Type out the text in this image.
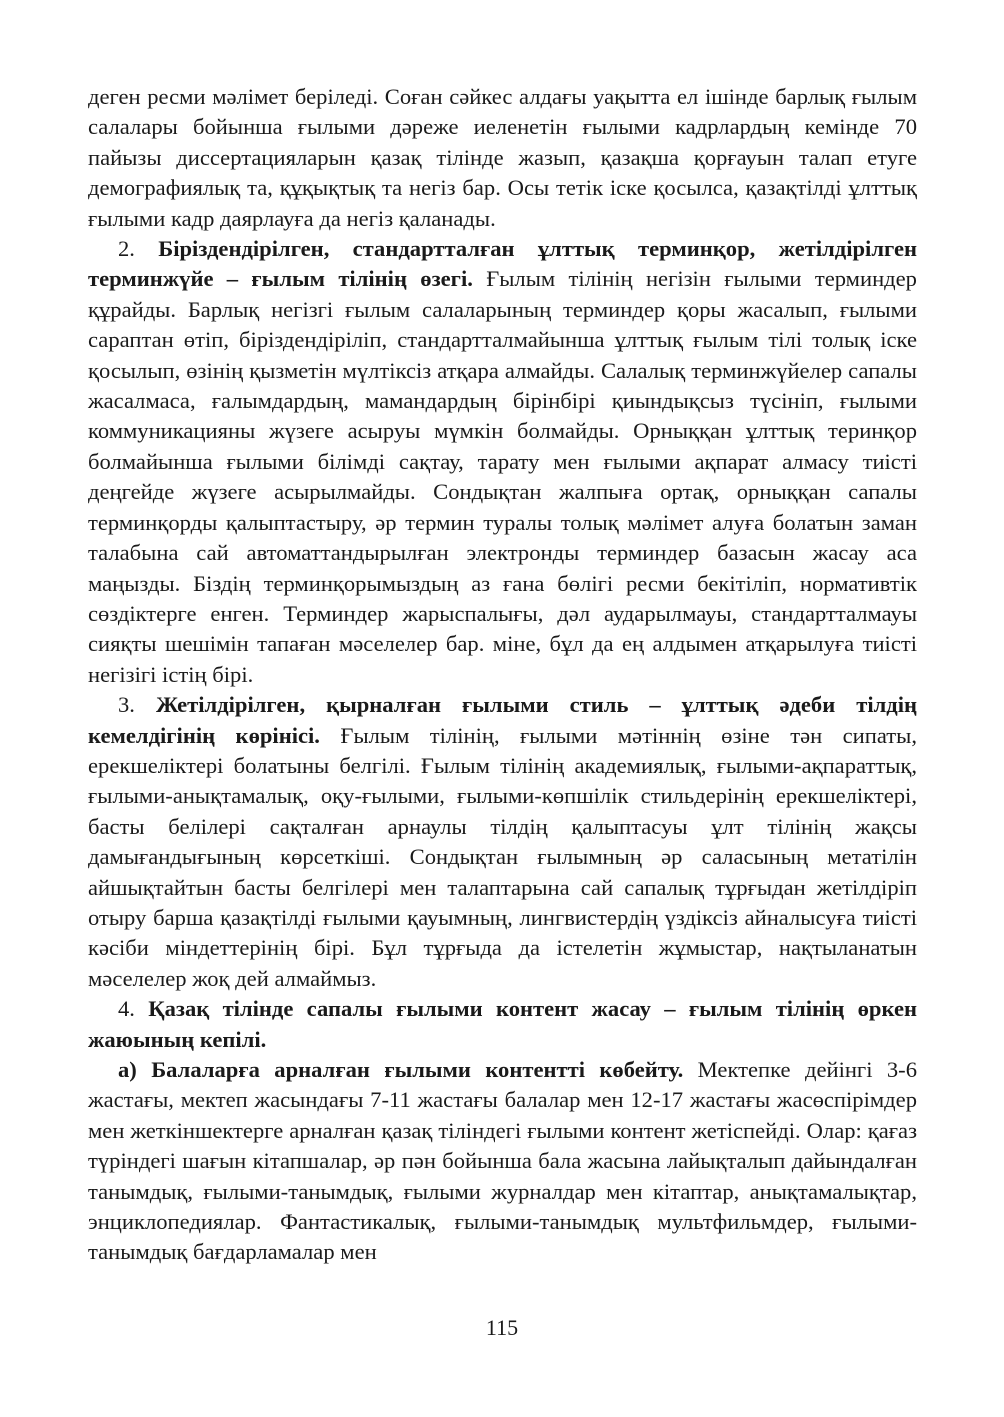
деген ресми мәлімет беріледі. Соған сәйкес алдағы уақытта ел ішінде барлық ғылым салалары бойынша ғылыми дәреже иеленетін ғылыми кадрлардың кемінде 70 пайызы диссертацияларын қазақ тілінде жазып, қазақша қорғауын талап етуге демографиялық та, құқықтық та негіз бар. Осы тетік іске қосылса, қазақтілді ұлттық ғылыми кадр даярлауға да негіз қаланады.

2. Біріздендірілген, стандартталған ұлттық терминқор, жетілдірілген терминжүйе – ғылым тілінің өзегі. Ғылым тілінің негізін ғылыми терминдер құрайды. Барлық негізгі ғылым салаларының терминдер қоры жасалып, ғылыми сараптан өтіп, біріздендіріліп, стандартталмайынша ұлттық ғылым тілі толық іске қосылып, өзінің қызметін мүлтіксіз атқара алмайды. Салалық терминжүйелер сапалы жасалмаса, ғалымдардың, мамандардың бірінбірі қиындықсыз түсініп, ғылыми коммуникацияны жүзеге асыруы мүмкін болмайды. Орныққан ұлттық теринқор болмайынша ғылыми білімді сақтау, тарату мен ғылыми ақпарат алмасу тиісті деңгейде жүзеге асырылмайды. Сондықтан жалпыға ортақ, орныққан сапалы терминқорды қалыптастыру, әр термин туралы толық мәлімет алуға болатын заман талабына сай автоматтандырылған электронды терминдер базасын жасау аса маңызды. Біздің терминқорымыздың аз ғана бөлігі ресми бекітіліп, нормативтік сөздіктерге енген. Терминдер жарыспалығы, дәл аударылмауы, стандартталмауы сияқты шешімін тапаған мәселелер бар. міне, бұл да ең алдымен атқарылуға тиісті негізігі істің бірі.

3. Жетілдірілген, қырналған ғылыми стиль – ұлттық әдеби тілдің кемелдігінің көрінісі. Ғылым тілінің, ғылыми мәтіннің өзіне тән сипаты, ерекшеліктері болатыны белгілі. Ғылым тілінің академиялық, ғылыми-ақпараттық, ғылыми-анықтамалық, оқу-ғылыми, ғылыми-көпшілік стильдерінің ерекшеліктері, басты белілері сақталған арнаулы тілдің қалыптасуы ұлт тілінің жақсы дамығандығының көрсеткіші. Сондықтан ғылымның әр саласының метатілін айшықтайтын басты белгілері мен талаптарына сай сапалық тұрғыдан жетілдіріп отыру барша қазақтілді ғылыми қауымның, лингвистердің үздіксіз айналысуға тиісті кәсіби міндеттерінің бірі. Бұл тұрғыда да істелетін жұмыстар, нақтыланатын мәселелер жоқ дей алмаймыз.

4. Қазақ тілінде сапалы ғылыми контент жасау – ғылым тілінің өркен жаюының кепілі.

а) Балаларға арналған ғылыми контентті көбейту. Мектепке дейінгі 3-6 жастағы, мектеп жасындағы 7-11 жастағы балалар мен 12-17 жастағы жасөспірімдер мен жеткіншектерге арналған қазақ тіліндегі ғылыми контент жетіспейді. Олар: қағаз түріндегі шағын кітапшалар, әр пән бойынша бала жасына лайықталып дайындалған танымдық, ғылыми-танымдық, ғылыми журналдар мен кітаптар, анықтамалықтар, энциклопедиялар. Фантастикалық, ғылыми-танымдық мультфильмдер, ғылыми-танымдық бағдарламалар мен

115
